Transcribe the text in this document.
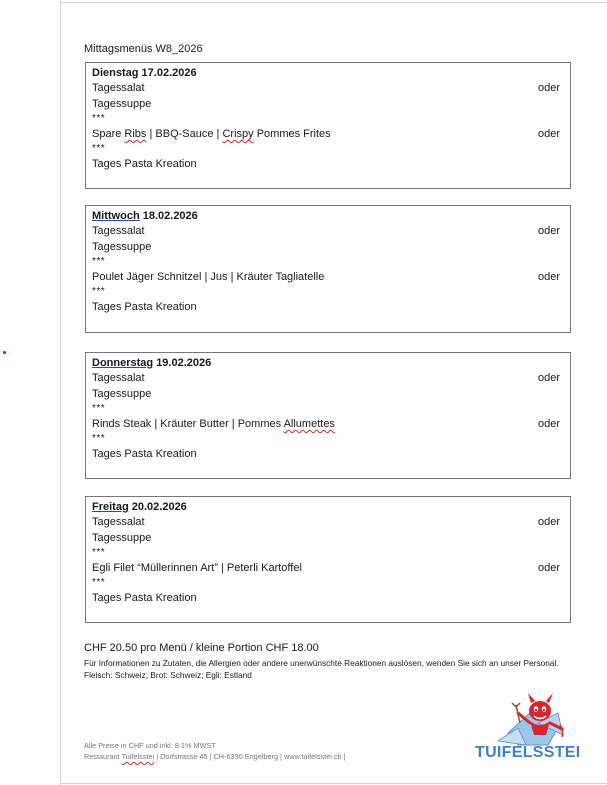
Mittagsmenüs W8_2026
Dienstag 17.02.2026
Tagessalat	oder
Tagessuppe
***
Spare Ribs | BBQ-Sauce | Crispy Pommes Frites	oder
***
Tages Pasta Kreation
Mittwoch 18.02.2026
Tagessalat	oder
Tagessuppe
***
Poulet Jäger Schnitzel | Jus | Kräuter Tagliatelle	oder
***
Tages Pasta Kreation
Donnerstag 19.02.2026
Tagessalat	oder
Tagessuppe
***
Rinds Steak | Kräuter Butter | Pommes Allumettes	oder
***
Tages Pasta Kreation
Freitag 20.02.2026
Tagessalat	oder
Tagessuppe
***
Egli Filet “Müllerinnen Art” | Peterli Kartoffel	oder
***
Tages Pasta Kreation
CHF 20.50 pro Menü / kleine Portion CHF 18.00
Für Informationen zu Zutaten, die Allergien oder andere unerwünschte Reaktionen auslösen, wenden Sie sich an unser Personal. Fleisch: Schweiz; Brot: Schweiz; Egli: Estland
Alle Preise in CHF und inkl. 8.1% MWST
Restaurant Tuifelsstei | Dorfstrasse 45 | CH-6390 Engelberg | www.tuifelsstei.ch |	TUIFELSSTEI
